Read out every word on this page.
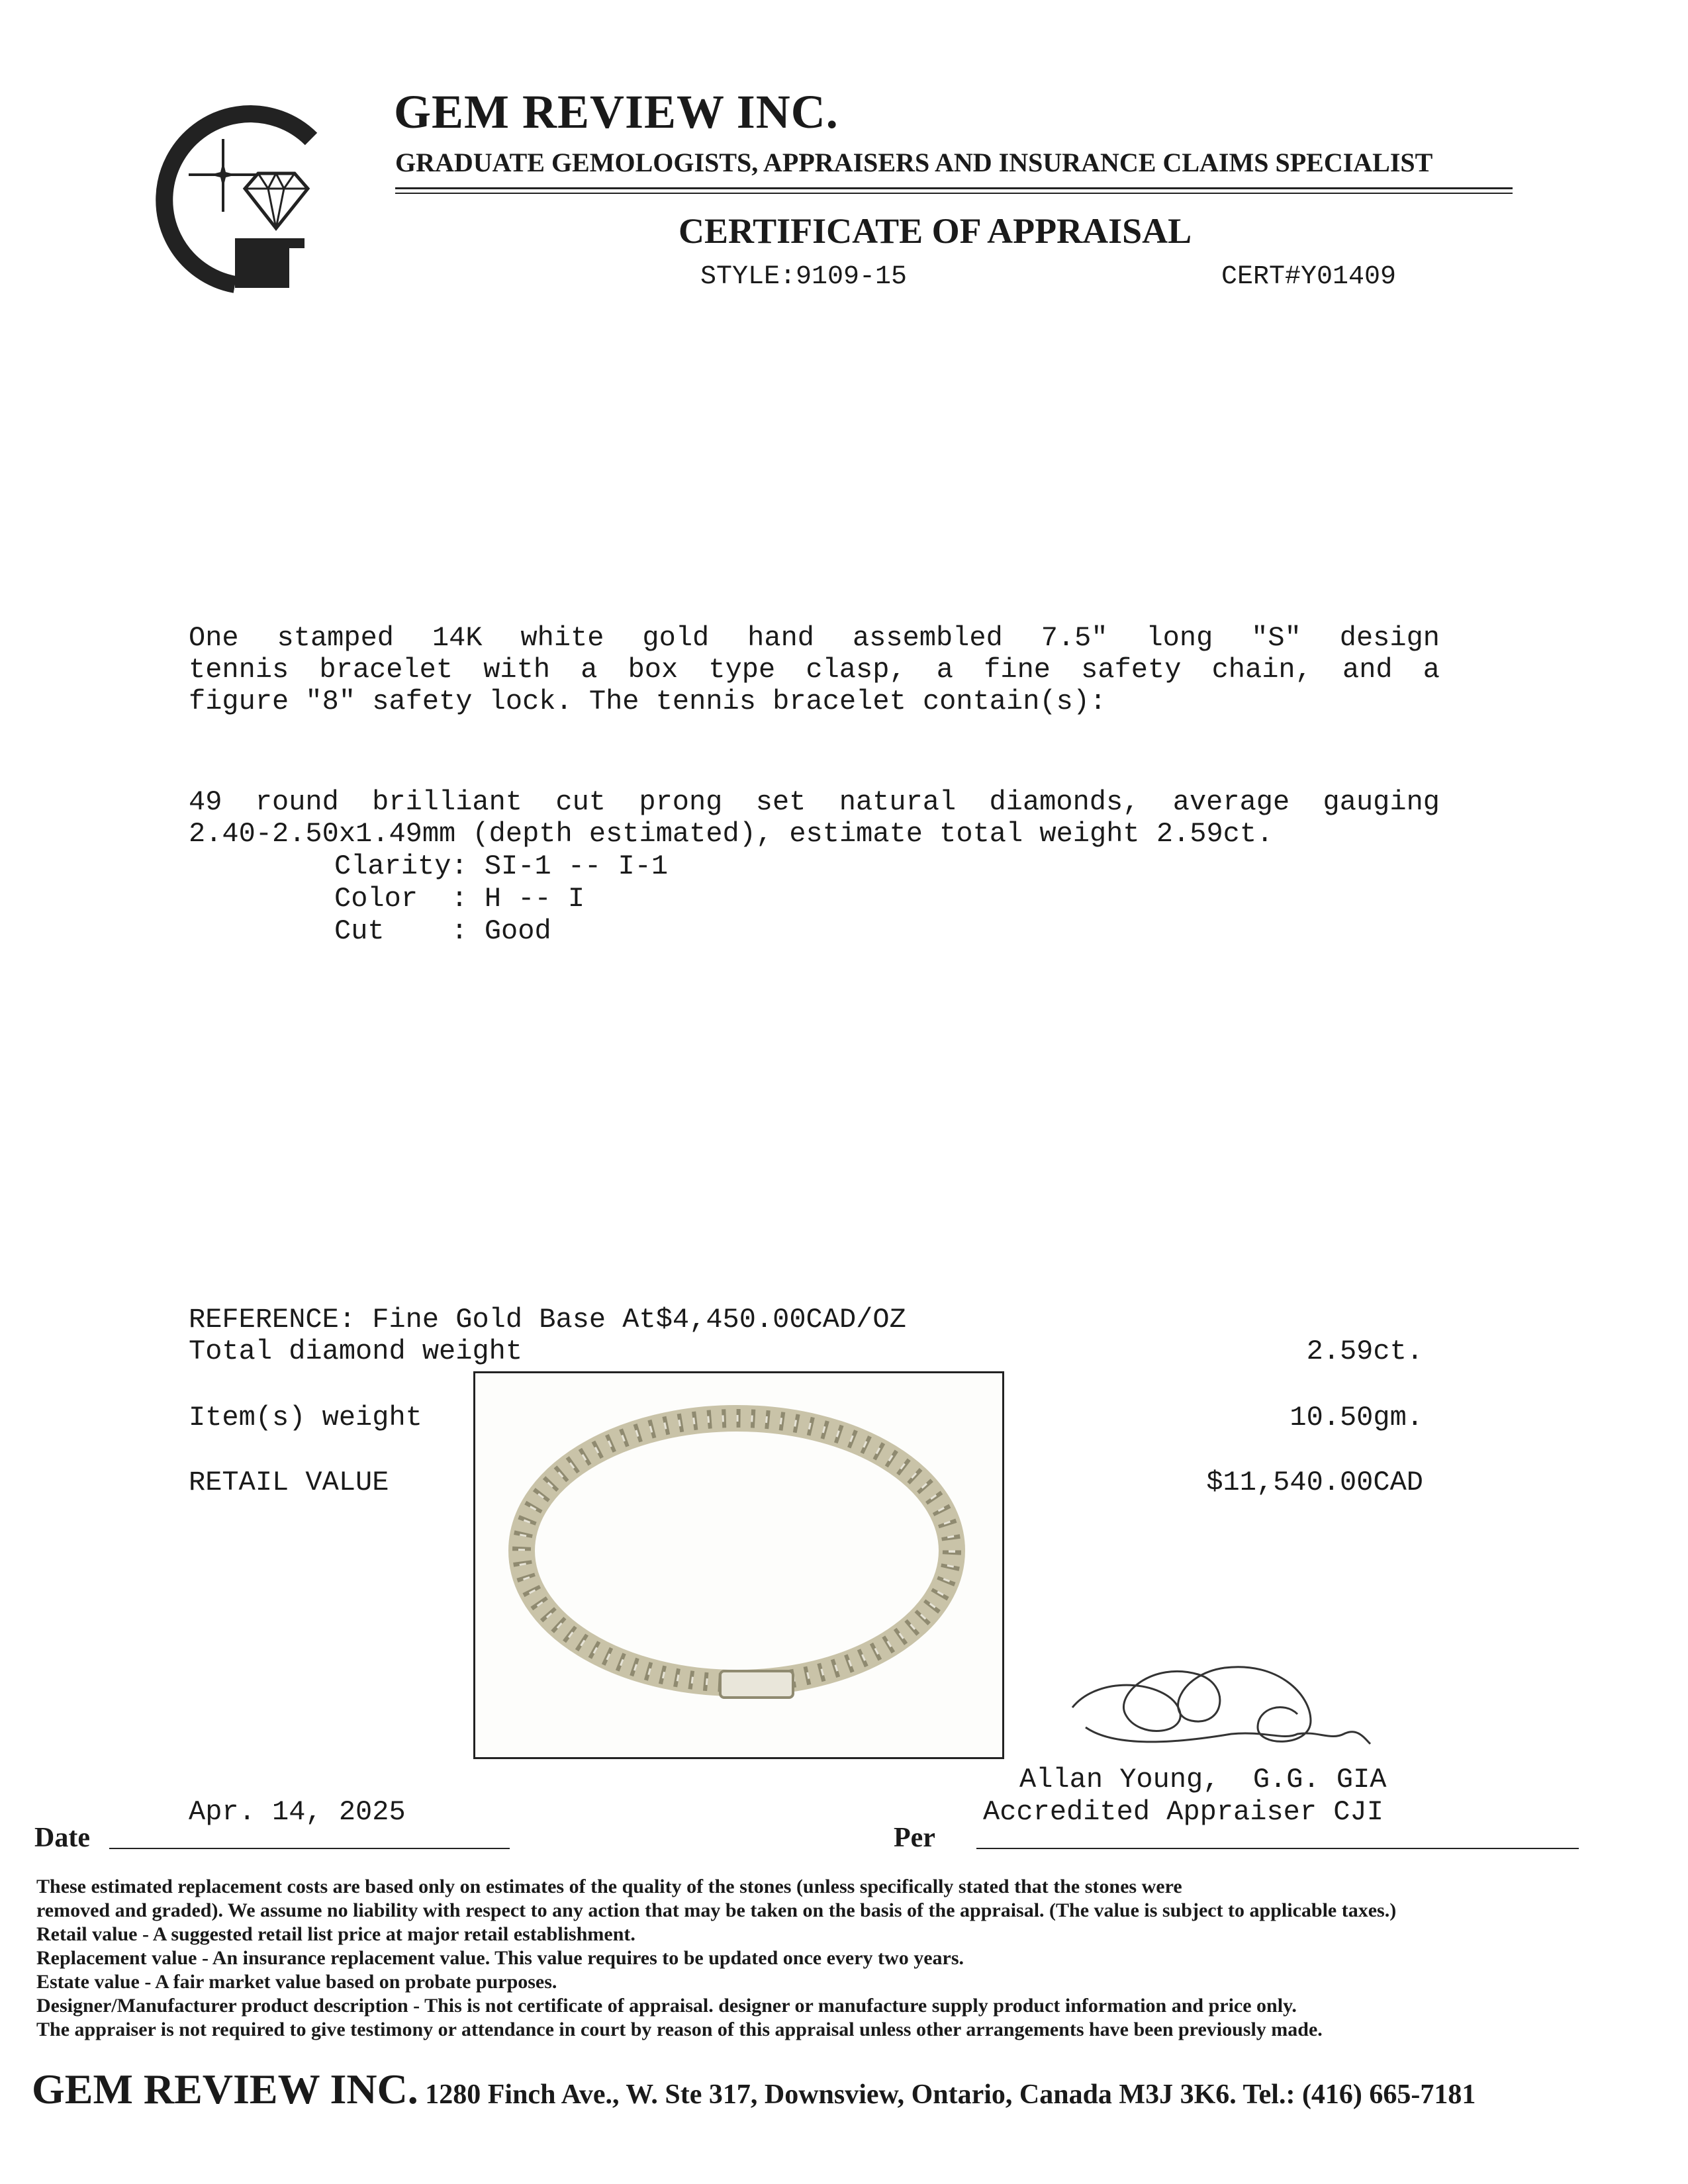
GEM REVIEW INC.
GRADUATE GEMOLOGISTS, APPRAISERS AND INSURANCE CLAIMS SPECIALIST
CERTIFICATE OF APPRAISAL
STYLE:9109-15	CERT#Y01409
One stamped 14K white gold hand assembled 7.5" long "S" design
tennis bracelet with a box type clasp, a fine safety chain, and a
figure "8" safety lock. The tennis bracelet contain(s):
49 round brilliant cut prong set natural diamonds, average gauging
2.40-2.50x1.49mm (depth estimated), estimate total weight 2.59ct.
Clarity: SI-1 -- I-1
Color  : H -- I
Cut    : Good
REFERENCE: Fine Gold Base At$4,450.00CAD/OZ
Total diamond weight	2.59ct.
Item(s) weight	10.50gm.
RETAIL VALUE	$11,540.00CAD
Allan Young,  G.G. GIA
Accredited Appraiser CJI
Date
Apr. 14, 2025
Per
These estimated replacement costs are based only on estimates of the quality of the stones (unless specifically stated that the stones were
removed and graded). We assume no liability with respect to any action that may be taken on the basis of the appraisal. (The value is subject to applicable taxes.)
Retail value - A suggested retail list price at major retail establishment.
Replacement value - An insurance replacement value. This value requires to be updated once every two years.
Estate value - A fair market value based on probate purposes.
Designer/Manufacturer product description - This is not certificate of appraisal. designer or manufacture supply product information and price only.
The appraiser is not required to give testimony or attendance in court by reason of this appraisal unless other arrangements have been previously made.
GEM REVIEW INC. 1280 Finch Ave., W. Ste 317, Downsview, Ontario, Canada M3J 3K6. Tel.: (416) 665-7181
